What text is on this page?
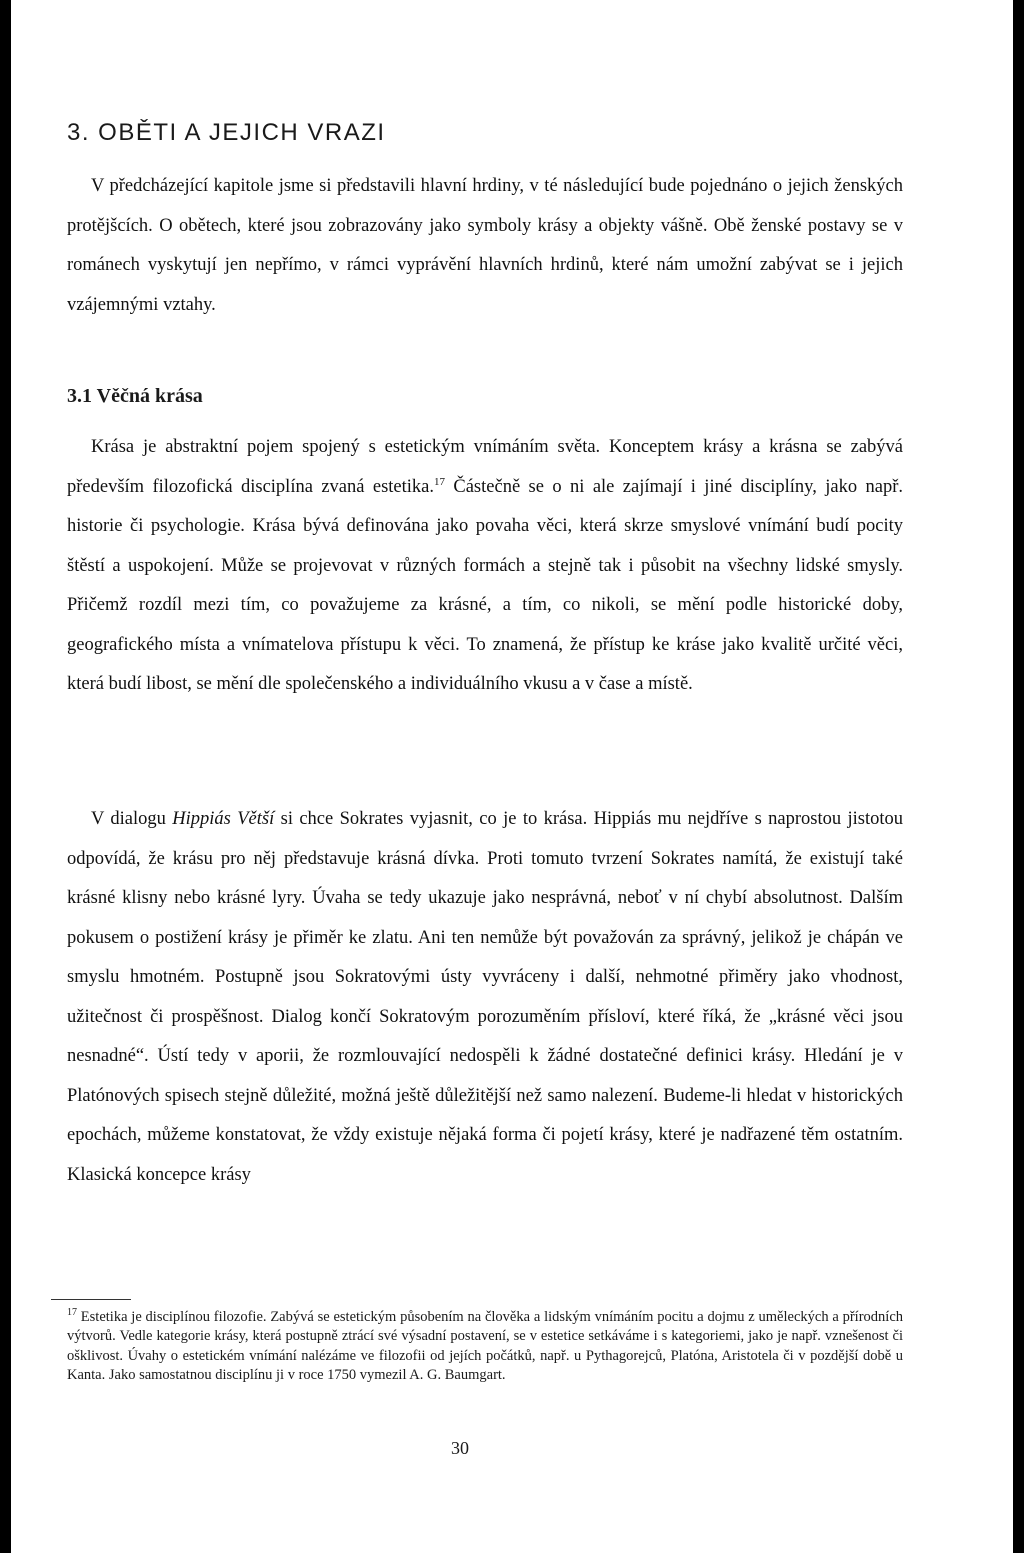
3. OBĚTI A JEJICH VRAZI

V předcházející kapitole jsme si představili hlavní hrdiny, v té následující bude pojednáno o jejich ženských protějšcích. O obětech, které jsou zobrazovány jako symboly krásy a objekty vášně. Obě ženské postavy se v románech vyskytují jen nepřímo, v rámci vyprávění hlavních hrdinů, které nám umožní zabývat se i jejich vzájemnými vztahy.

3.1 Věčná krása

Krása je abstraktní pojem spojený s estetickým vnímáním světa. Konceptem krásy a krásna se zabývá především filozofická disciplína zvaná estetika.$^{17}$ Částečně se o ni ale zajímají i jiné disciplíny, jako např. historie či psychologie. Krása bývá definována jako povaha věci, která skrze smyslové vnímání budí pocity štěstí a uspokojení. Může se projevovat v různých formách a stejně tak i působit na všechny lidské smysly. Přičemž rozdíl mezi tím, co považujeme za krásné, a tím, co nikoli, se mění podle historické doby, geografického místa a vnímatelova přístupu k věci. To znamená, že přístup ke kráse jako kvalitě určité věci, která budí libost, se mění dle společenského a individuálního vkusu a v čase a místě.

V dialogu Hippiás Větší si chce Sokrates vyjasnit, co je to krása. Hippiás mu nejdříve s naprostou jistotou odpovídá, že krásu pro něj představuje krásná dívka. Proti tomuto tvrzení Sokrates namítá, že existují také krásné klisny nebo krásné lyry. Úvaha se tedy ukazuje jako nesprávná, neboť v ní chybí absolutnost. Dalším pokusem o postižení krásy je přiměr ke zlatu. Ani ten nemůže být považován za správný, jelikož je chápán ve smyslu hmotném. Postupně jsou Sokratovými ústy vyvráceny i další, nehmotné přiměry jako vhodnost, užitečnost či prospěšnost. Dialog končí Sokratovým porozuměním přísloví, které říká, že „krásné věci jsou nesnadné“. Ústí tedy v aporii, že rozmlouvající nedospěli k žádné dostatečné definici krásy. Hledání je v Platónových spisech stejně důležité, možná ještě důležitější než samo nalezení. Budeme-li hledat v historických epochách, můžeme konstatovat, že vždy existuje nějaká forma či pojetí krásy, které je nadřazené těm ostatním. Klasická koncepce krásy

$^{17}$ Estetika je disciplínou filozofie. Zabývá se estetickým působením na člověka a lidským vnímáním pocitu a dojmu z uměleckých a přírodních výtvorů. Vedle kategorie krásy, která postupně ztrácí své výsadní postavení, se v estetice setkáváme i s kategoriemi, jako je např. vznešenost či ošklivost. Úvahy o estetickém vnímání nalézáme ve filozofii od jejích počátků, např. u Pythagorejců, Platóna, Aristotela či v pozdější době u Kanta. Jako samostatnou disciplínu ji v roce 1750 vymezil A. G. Baumgart.

30
